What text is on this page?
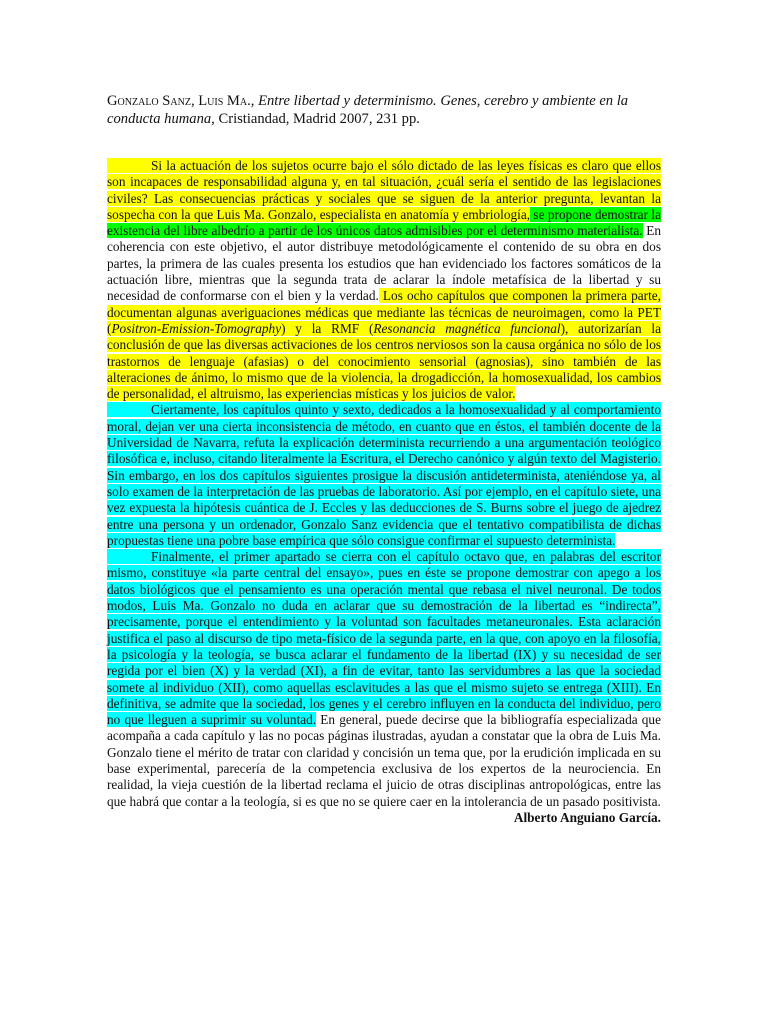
Gonzalo Sanz, Luis Ma., Entre libertad y determinismo. Genes, cerebro y ambiente en la conducta humana, Cristiandad, Madrid 2007, 231 pp.

Si la actuación de los sujetos ocurre bajo el sólo dictado de las leyes físicas es claro que ellos son incapaces de responsabilidad alguna y, en tal situación, ¿cuál sería el sentido de las legislaciones civiles? Las consecuencias prácticas y sociales que se siguen de la anterior pregunta, levantan la sospecha con la que Luis Ma. Gonzalo, especialista en anatomía y embriología, se propone demostrar la existencia del libre albedrío a partir de los únicos datos admisibles por el determinismo materialista. En coherencia con este objetivo, el autor distribuye metodológicamente el contenido de su obra en dos partes, la primera de las cuales presenta los estudios que han evidenciado los factores somáticos de la actuación libre, mientras que la segunda trata de aclarar la índole metafísica de la libertad y su necesidad de conformarse con el bien y la verdad. Los ocho capítulos que componen la primera parte, documentan algunas averiguaciones médicas que mediante las técnicas de neuroimagen, como la PET (Positron-Emission-Tomography) y la RMF (Resonancia magnética funcional), autorizarían la conclusión de que las diversas activaciones de los centros nerviosos son la causa orgánica no sólo de los trastornos de lenguaje (afasias) o del conocimiento sensorial (agnosias), sino también de las alteraciones de ánimo, lo mismo que de la violencia, la drogadicción, la homosexualidad, los cambios de personalidad, el altruismo, las experiencias místicas y los juicios de valor.

Ciertamente, los capítulos quinto y sexto, dedicados a la homosexualidad y al comportamiento moral, dejan ver una cierta inconsistencia de método, en cuanto que en éstos, el también docente de la Universidad de Navarra, refuta la explicación determinista recurriendo a una argumentación teológico filosófica e, incluso, citando literalmente la Escritura, el Derecho canónico y algún texto del Magisterio. Sin embargo, en los dos capítulos siguientes prosigue la discusión antideterminista, ateniéndose ya, al solo examen de la interpretación de las pruebas de laboratorio. Así por ejemplo, en el capítulo siete, una vez expuesta la hipótesis cuántica de J. Eccles y las deducciones de S. Burns sobre el juego de ajedrez entre una persona y un ordenador, Gonzalo Sanz evidencia que el tentativo compatibilista de dichas propuestas tiene una pobre base empírica que sólo consigue confirmar el supuesto determinista.

Finalmente, el primer apartado se cierra con el capítulo octavo que, en palabras del escritor mismo, constituye «la parte central del ensayo», pues en éste se propone demostrar con apego a los datos biológicos que el pensamiento es una operación mental que rebasa el nivel neuronal. De todos modos, Luis Ma. Gonzalo no duda en aclarar que su demostración de la libertad es “indirecta”, precisamente, porque el entendimiento y la voluntad son facultades metaneuronales. Esta aclaración justifica el paso al discurso de tipo meta-físico de la segunda parte, en la que, con apoyo en la filosofía, la psicología y la teología, se busca aclarar el fundamento de la libertad (IX) y su necesidad de ser regida por el bien (X) y la verdad (XI), a fin de evitar, tanto las servidumbres a las que la sociedad somete al individuo (XII), como aquellas esclavitudes a las que el mismo sujeto se entrega (XIII). En definitiva, se admite que la sociedad, los genes y el cerebro influyen en la conducta del individuo, pero no que lleguen a suprimir su voluntad. En general, puede decirse que la bibliografía especializada que acompaña a cada capítulo y las no pocas páginas ilustradas, ayudan a constatar que la obra de Luis Ma. Gonzalo tiene el mérito de tratar con claridad y concisión un tema que, por la erudición implicada en su base experimental, parecería de la competencia exclusiva de los expertos de la neurociencia. En realidad, la vieja cuestión de la libertad reclama el juicio de otras disciplinas antropológicas, entre las que habrá que contar a la teología, si es que no se quiere caer en la intolerancia de un pasado positivista.
Alberto Anguiano García.
